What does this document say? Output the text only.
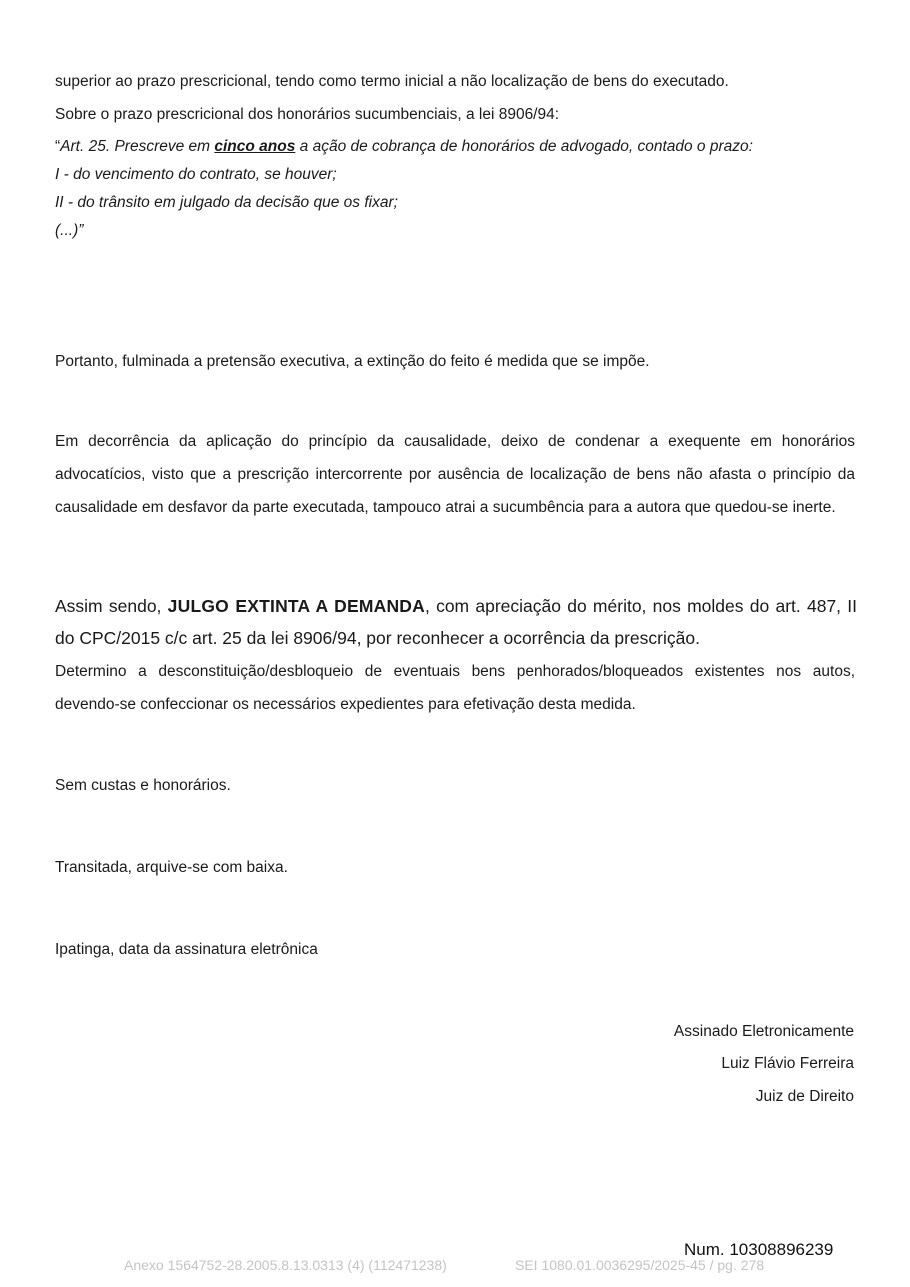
superior ao prazo prescricional, tendo como termo inicial a não localização de bens do executado.
Sobre o prazo prescricional dos honorários sucumbenciais, a lei 8906/94:
“Art. 25. Prescreve em cinco anos a ação de cobrança de honorários de advogado, contado o prazo:
I - do vencimento do contrato, se houver;
II - do trânsito em julgado da decisão que os fixar;
(...)”
Portanto, fulminada a pretensão executiva, a extinção do feito é medida que se impõe.
Em decorrência da aplicação do princípio da causalidade, deixo de condenar a exequente em honorários advocatícios, visto que a prescrição intercorrente por ausência de localização de bens não afasta o princípio da causalidade em desfavor da parte executada, tampouco atrai a sucumbência para a autora que quedou-se inerte.
Assim sendo, JULGO EXTINTA A DEMANDA, com apreciação do mérito, nos moldes do art. 487, II do CPC/2015 c/c art. 25 da lei 8906/94, por reconhecer a ocorrência da prescrição.
Determino a desconstituição/desbloqueio de eventuais bens penhorados/bloqueados existentes nos autos, devendo-se confeccionar os necessários expedientes para efetivação desta medida.
Sem custas e honorários.
Transitada, arquive-se com baixa.
Ipatinga, data da assinatura eletrônica
Assinado Eletronicamente
Luiz Flávio Ferreira
Juiz de Direito
Num. 10308896239
Anexo 1564752-28.2005.8.13.0313 (4) (112471238)	SEI 1080.01.0036295/2025-45 / pg. 278
